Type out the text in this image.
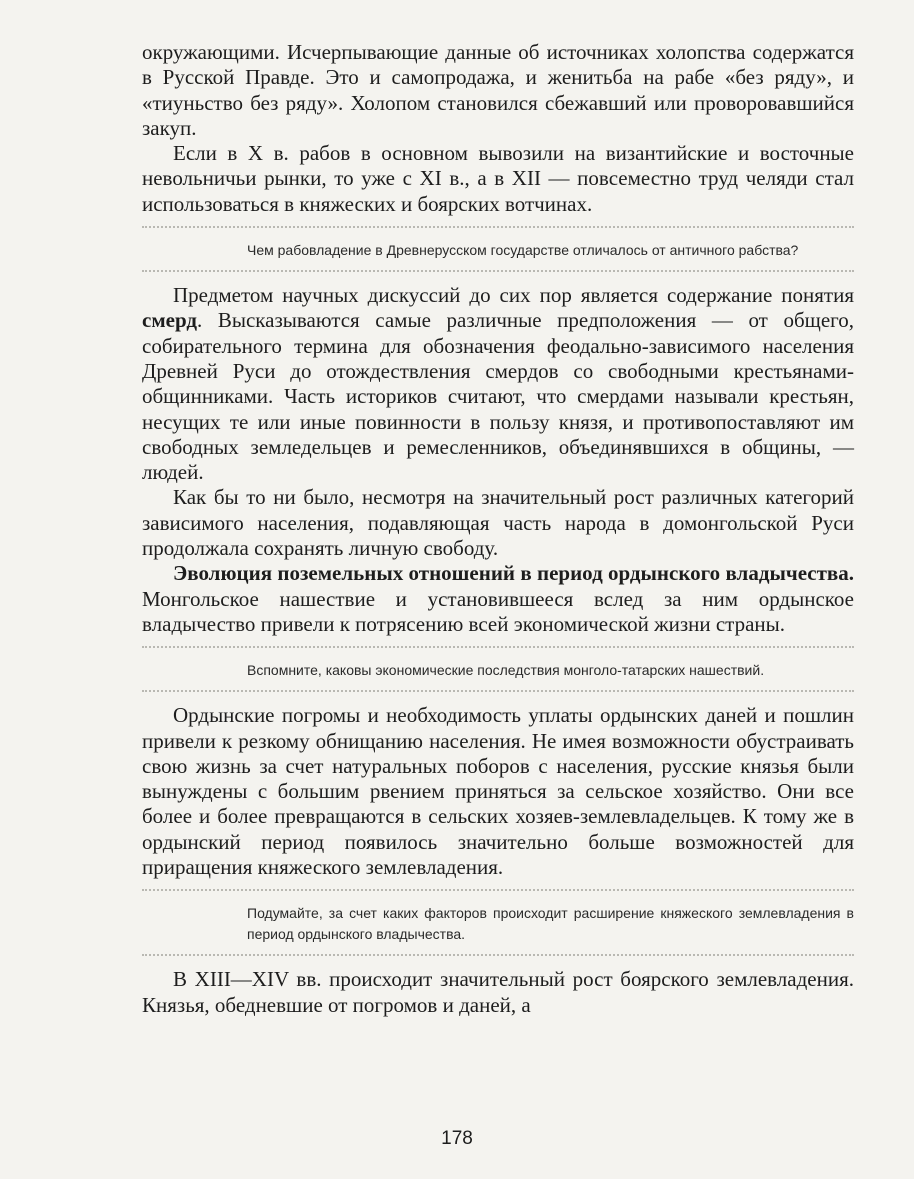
окружающими. Исчерпывающие данные об источниках холопства содержатся в Русской Правде. Это и самопродажа, и женитьба на рабе «без ряду», и «тиуньство без ряду». Холопом становился сбежавший или проворовавшийся закуп.

Если в X в. рабов в основном вывозили на византийские и восточные невольничьи рынки, то уже с XI в., а в XII — повсеместно труд челяди стал использоваться в княжеских и боярских вотчинах.

Чем рабовладение в Древнерусском государстве отличалось от античного рабства?

Предметом научных дискуссий до сих пор является содержание понятия смерд. Высказываются самые различные предположения — от общего, собирательного термина для обозначения феодально-зависимого населения Древней Руси до отождествления смердов со свободными крестьянами-общинниками. Часть историков считают, что смердами называли крестьян, несущих те или иные повинности в пользу князя, и противопоставляют им свободных земледельцев и ремесленников, объединявшихся в общины, — людей.

Как бы то ни было, несмотря на значительный рост различных категорий зависимого населения, подавляющая часть народа в домонгольской Руси продолжала сохранять личную свободу.

Эволюция поземельных отношений в период ордынского владычества. Монгольское нашествие и установившееся вслед за ним ордынское владычество привели к потрясению всей экономической жизни страны.

Вспомните, каковы экономические последствия монголо-татарских нашествий.

Ордынские погромы и необходимость уплаты ордынских даней и пошлин привели к резкому обнищанию населения. Не имея возможности обустраивать свою жизнь за счет натуральных поборов с населения, русские князья были вынуждены с большим рвением приняться за сельское хозяйство. Они все более и более превращаются в сельских хозяев-землевладельцев. К тому же в ордынский период появилось значительно больше возможностей для приращения княжеского землевладения.

Подумайте, за счет каких факторов происходит расширение княжеского землевладения в период ордынского владычества.

В XIII—XIV вв. происходит значительный рост боярского землевладения. Князья, обедневшие от погромов и даней, а

178
